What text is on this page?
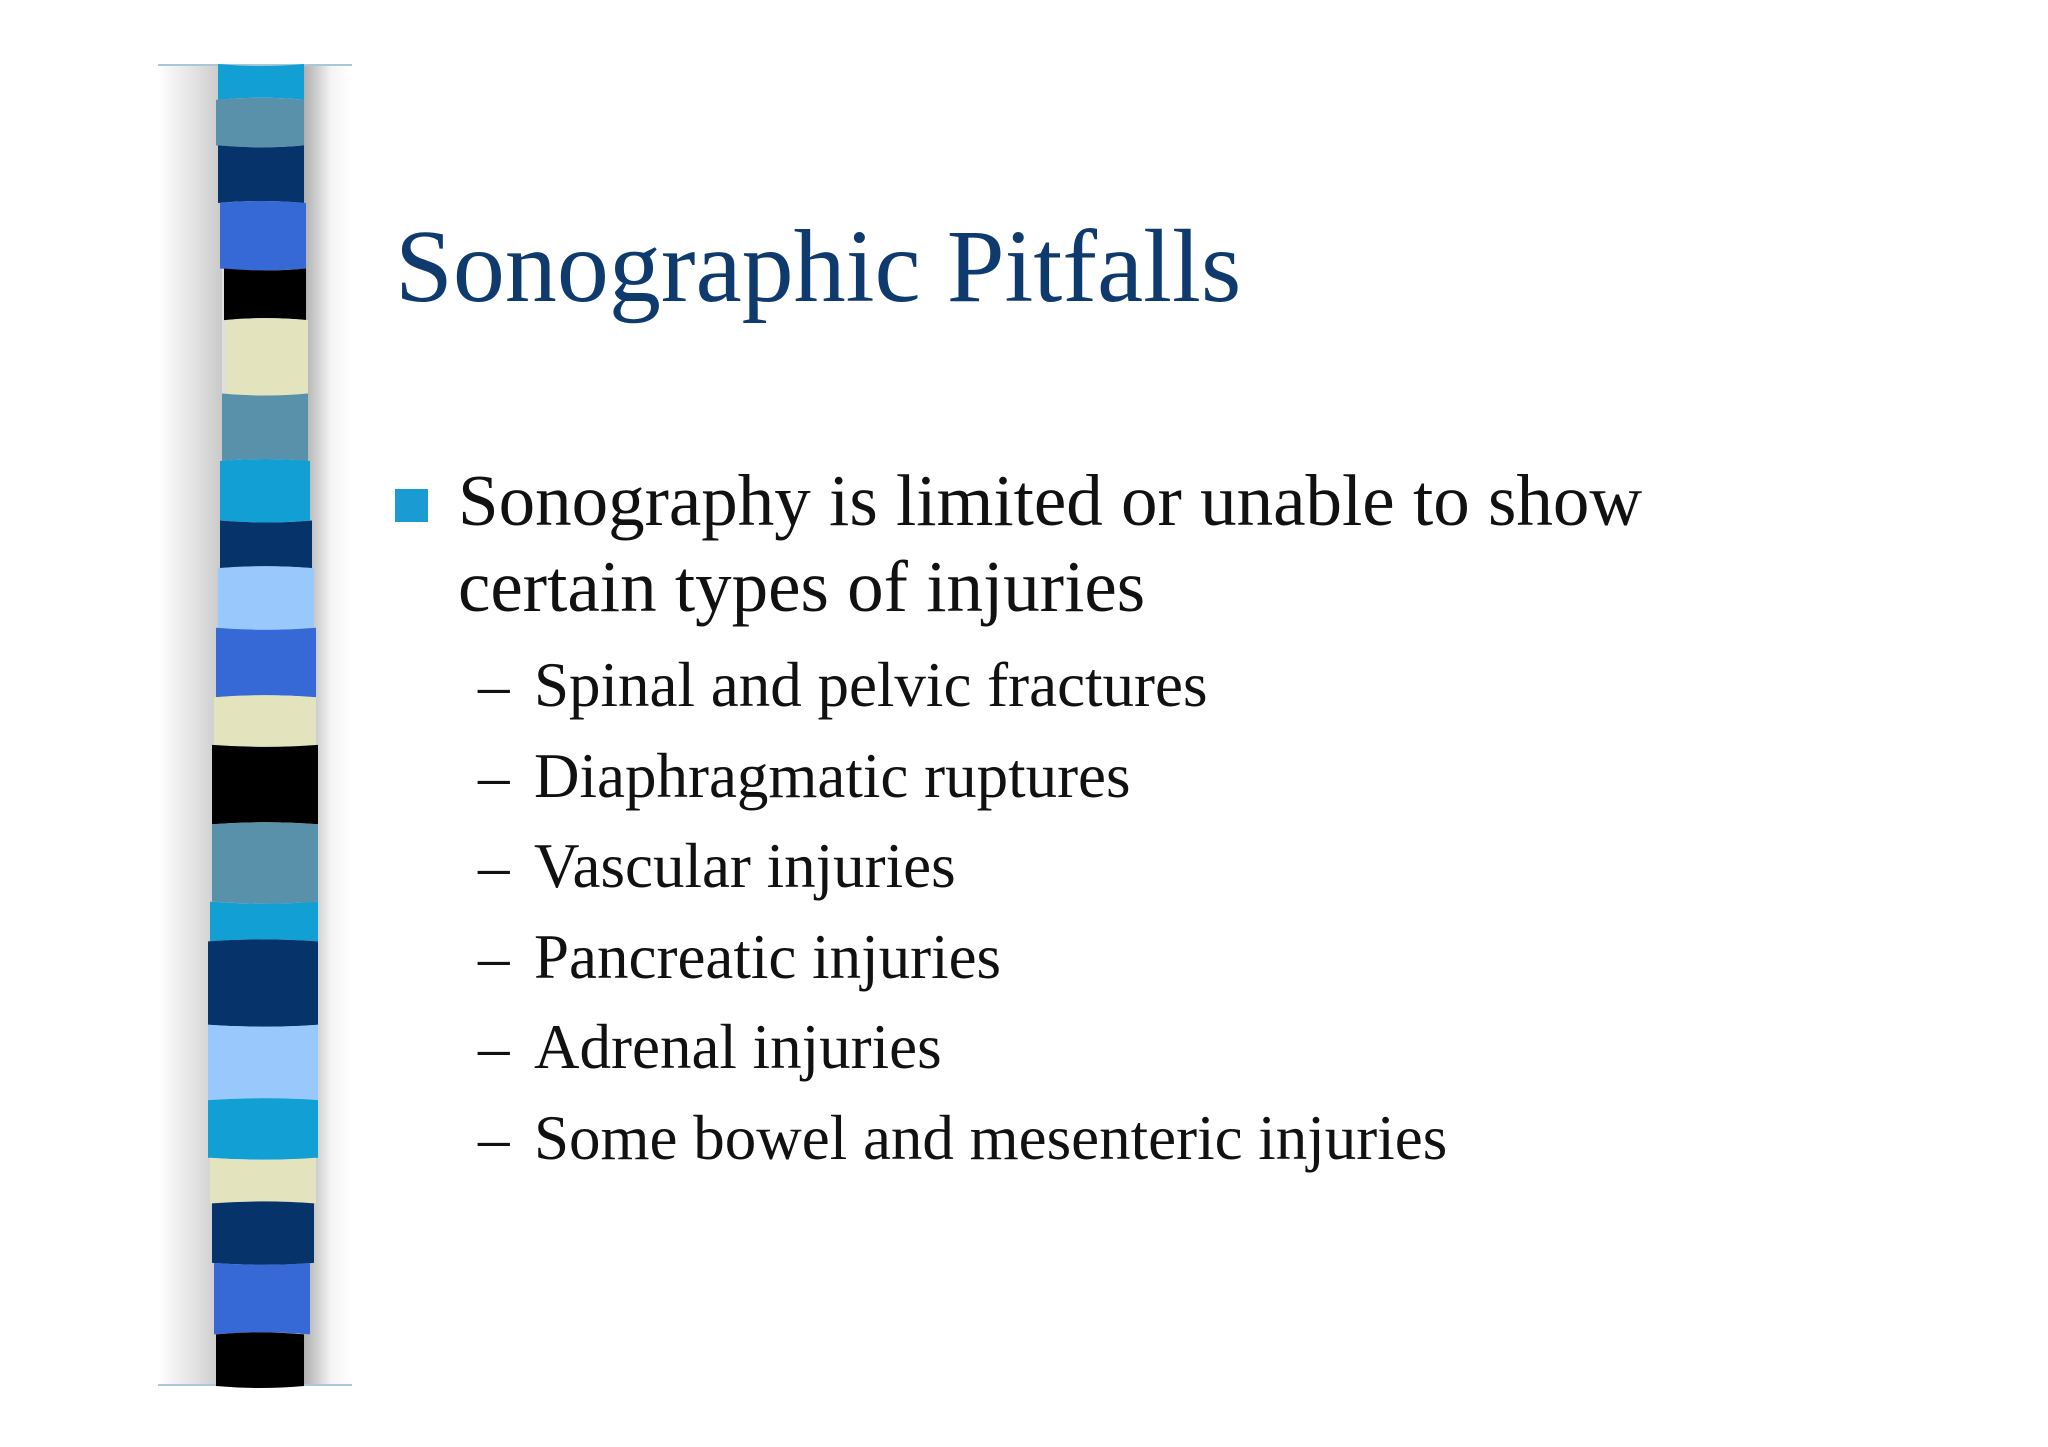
Sonographic Pitfalls

Sonography is limited or unable to show certain types of injuries

– Spinal and pelvic fractures
– Diaphragmatic ruptures
– Vascular injuries
– Pancreatic injuries
– Adrenal injuries
– Some bowel and mesenteric injuries
